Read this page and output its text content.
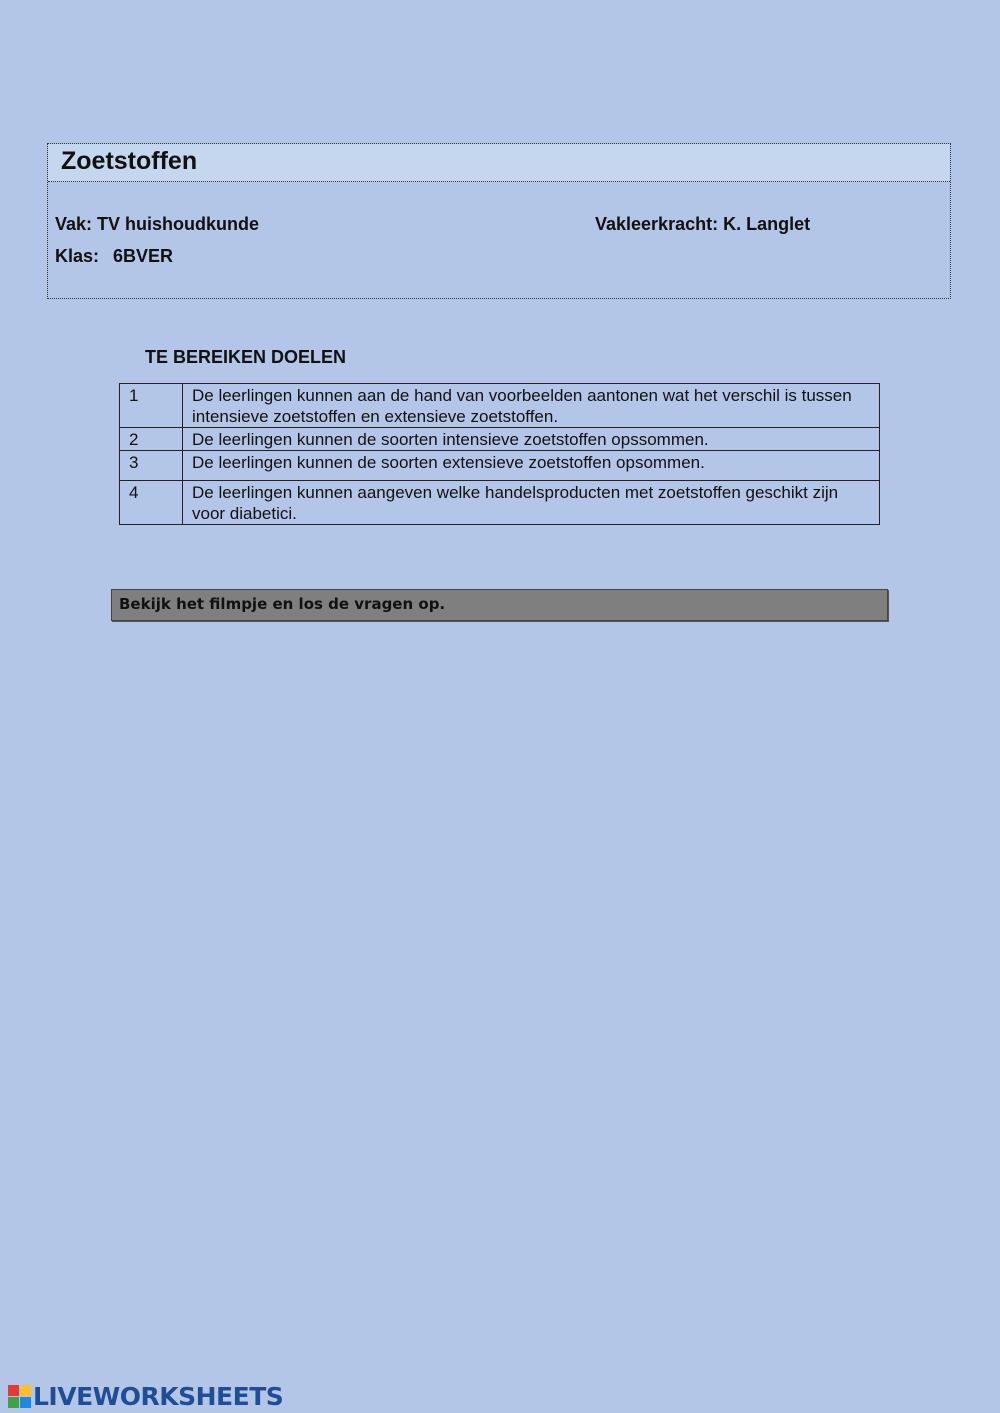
Zoetstoffen
Vak: TV huishoudkunde	Vakleerkracht: K. Langlet
Klas: 6BVER
TE BEREIKEN DOELEN
1	De leerlingen kunnen aan de hand van voorbeelden aantonen wat het verschil is tussen intensieve zoetstoffen en extensieve zoetstoffen.
2	De leerlingen kunnen de soorten intensieve zoetstoffen opssommen.
3	De leerlingen kunnen de soorten extensieve zoetstoffen opsommen.
4	De leerlingen kunnen aangeven welke handelsproducten met zoetstoffen geschikt zijn voor diabetici.
Bekijk het filmpje en los de vragen op.
LIVEWORKSHEETS
